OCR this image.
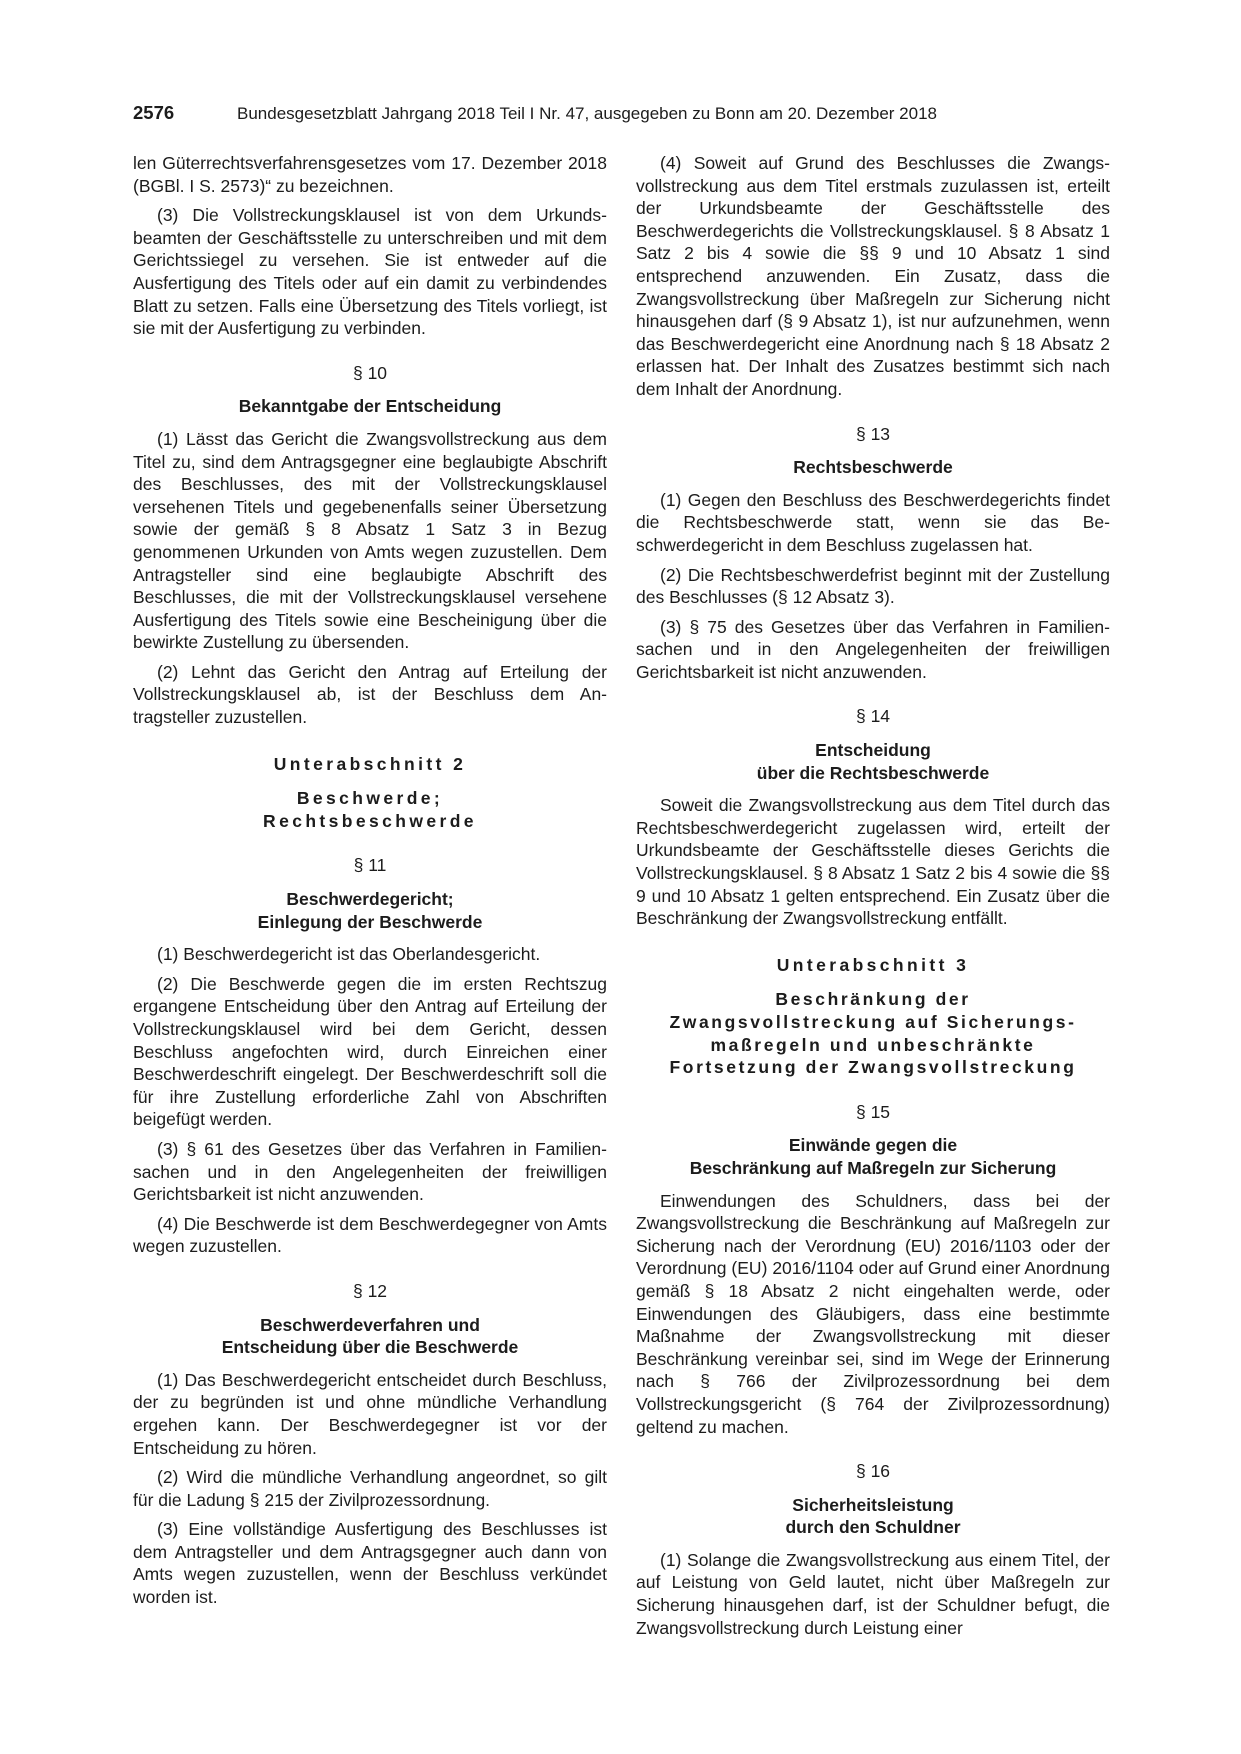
2576	Bundesgesetzblatt Jahrgang 2018 Teil I Nr. 47, ausgegeben zu Bonn am 20. Dezember 2018

len Güterrechtsverfahrensgesetzes vom 17. Dezember 2018 (BGBl. I S. 2573)“ zu bezeichnen.

(3) Die Vollstreckungsklausel ist von dem Urkundsbeamten der Geschäftsstelle zu unterschreiben und mit dem Gerichtssiegel zu versehen. Sie ist entweder auf die Ausfertigung des Titels oder auf ein damit zu verbindendes Blatt zu setzen. Falls eine Übersetzung des Titels vorliegt, ist sie mit der Ausfertigung zu verbinden.

§ 10
Bekanntgabe der Entscheidung

(1) Lässt das Gericht die Zwangsvollstreckung aus dem Titel zu, sind dem Antragsgegner eine beglaubigte Abschrift des Beschlusses, des mit der Vollstreckungsklausel versehenen Titels und gegebenenfalls seiner Übersetzung sowie der gemäß § 8 Absatz 1 Satz 3 in Bezug genommenen Urkunden von Amts wegen zuzustellen. Dem Antragsteller sind eine beglaubigte Abschrift des Beschlusses, die mit der Vollstreckungsklausel versehene Ausfertigung des Titels sowie eine Bescheinigung über die bewirkte Zustellung zu übersenden.

(2) Lehnt das Gericht den Antrag auf Erteilung der Vollstreckungsklausel ab, ist der Beschluss dem Antragsteller zuzustellen.

Unterabschnitt 2
Beschwerde;
Rechtsbeschwerde
§ 11
Beschwerdegericht;
Einlegung der Beschwerde

(1) Beschwerdegericht ist das Oberlandesgericht.

(2) Die Beschwerde gegen die im ersten Rechtszug ergangene Entscheidung über den Antrag auf Erteilung der Vollstreckungsklausel wird bei dem Gericht, dessen Beschluss angefochten wird, durch Einreichen einer Beschwerdeschrift eingelegt. Der Beschwerdeschrift soll die für ihre Zustellung erforderliche Zahl von Abschriften beigefügt werden.

(3) § 61 des Gesetzes über das Verfahren in Familiensachen und in den Angelegenheiten der freiwilligen Gerichtsbarkeit ist nicht anzuwenden.

(4) Die Beschwerde ist dem Beschwerdegegner von Amts wegen zuzustellen.

§ 12
Beschwerdeverfahren und
Entscheidung über die Beschwerde

(1) Das Beschwerdegericht entscheidet durch Beschluss, der zu begründen ist und ohne mündliche Verhandlung ergehen kann. Der Beschwerdegegner ist vor der Entscheidung zu hören.

(2) Wird die mündliche Verhandlung angeordnet, so gilt für die Ladung § 215 der Zivilprozessordnung.

(3) Eine vollständige Ausfertigung des Beschlusses ist dem Antragsteller und dem Antragsgegner auch dann von Amts wegen zuzustellen, wenn der Beschluss verkündet worden ist.

(4) Soweit auf Grund des Beschlusses die Zwangsvollstreckung aus dem Titel erstmals zuzulassen ist, erteilt der Urkundsbeamte der Geschäftsstelle des Beschwerdegerichts die Vollstreckungsklausel. § 8 Absatz 1 Satz 2 bis 4 sowie die §§ 9 und 10 Absatz 1 sind entsprechend anzuwenden. Ein Zusatz, dass die Zwangsvollstreckung über Maßregeln zur Sicherung nicht hinausgehen darf (§ 9 Absatz 1), ist nur aufzunehmen, wenn das Beschwerdegericht eine Anordnung nach § 18 Absatz 2 erlassen hat. Der Inhalt des Zusatzes bestimmt sich nach dem Inhalt der Anordnung.

§ 13
Rechtsbeschwerde

(1) Gegen den Beschluss des Beschwerdegerichts findet die Rechtsbeschwerde statt, wenn sie das Beschwerdegericht in dem Beschluss zugelassen hat.

(2) Die Rechtsbeschwerdefrist beginnt mit der Zustellung des Beschlusses (§ 12 Absatz 3).

(3) § 75 des Gesetzes über das Verfahren in Familiensachen und in den Angelegenheiten der freiwilligen Gerichtsbarkeit ist nicht anzuwenden.

§ 14
Entscheidung
über die Rechtsbeschwerde

Soweit die Zwangsvollstreckung aus dem Titel durch das Rechtsbeschwerdegericht zugelassen wird, erteilt der Urkundsbeamte der Geschäftsstelle dieses Gerichts die Vollstreckungsklausel. § 8 Absatz 1 Satz 2 bis 4 sowie die §§ 9 und 10 Absatz 1 gelten entsprechend. Ein Zusatz über die Beschränkung der Zwangsvollstreckung entfällt.

Unterabschnitt 3
Beschränkung der
Zwangsvollstreckung auf Sicherungs-
maßregeln und unbeschränkte
Fortsetzung der Zwangsvollstreckung
§ 15
Einwände gegen die
Beschränkung auf Maßregeln zur Sicherung

Einwendungen des Schuldners, dass bei der Zwangsvollstreckung die Beschränkung auf Maßregeln zur Sicherung nach der Verordnung (EU) 2016/1103 oder der Verordnung (EU) 2016/1104 oder auf Grund einer Anordnung gemäß § 18 Absatz 2 nicht eingehalten werde, oder Einwendungen des Gläubigers, dass eine bestimmte Maßnahme der Zwangsvollstreckung mit dieser Beschränkung vereinbar sei, sind im Wege der Erinnerung nach § 766 der Zivilprozessordnung bei dem Vollstreckungsgericht (§ 764 der Zivilprozessordnung) geltend zu machen.

§ 16
Sicherheitsleistung
durch den Schuldner

(1) Solange die Zwangsvollstreckung aus einem Titel, der auf Leistung von Geld lautet, nicht über Maßregeln zur Sicherung hinausgehen darf, ist der Schuldner befugt, die Zwangsvollstreckung durch Leistung einer
